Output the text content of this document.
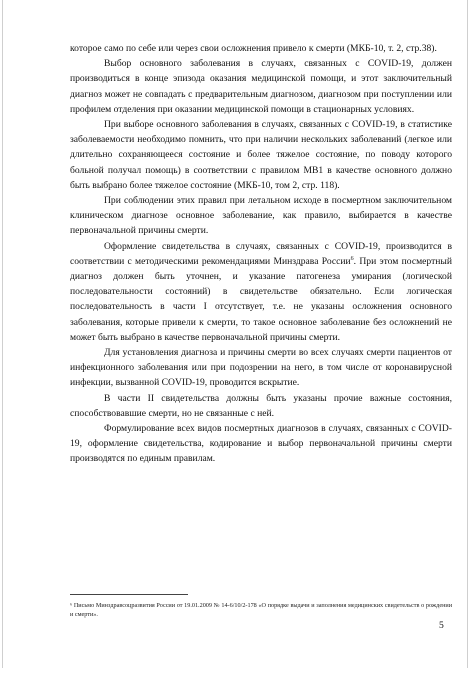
которое само по себе или через свои осложнения привело к смерти (МКБ-10, т. 2, стр.38).

Выбор основного заболевания в случаях, связанных с COVID-19, должен производиться в конце эпизода оказания медицинской помощи, и этот заключительный диагноз может не совпадать с предварительным диагнозом, диагнозом при поступлении или профилем отделения при оказании медицинской помощи в стационарных условиях.

При выборе основного заболевания в случаях, связанных с COVID-19, в статистике заболеваемости необходимо помнить, что при наличии нескольких заболеваний (легкое или длительно сохраняющееся состояние и более тяжелое состояние, по поводу которого больной получал помощь) в соответствии с правилом MB1 в качестве основного должно быть выбрано более тяжелое состояние (МКБ-10, том 2, стр. 118).

При соблюдении этих правил при летальном исходе в посмертном заключительном клиническом диагнозе основное заболевание, как правило, выбирается в качестве первоначальной причины смерти.

Оформление свидетельства в случаях, связанных с COVID-19, производится в соответствии с методическими рекомендациями Минздрава России$^6$. При этом посмертный диагноз должен быть уточнен, и указание патогенеза умирания (логической последовательности состояний) в свидетельстве обязательно. Если логическая последовательность в части I отсутствует, т.е. не указаны осложнения основного заболевания, которые привели к смерти, то такое основное заболевание без осложнений не может быть выбрано в качестве первоначальной причины смерти.

Для установления диагноза и причины смерти во всех случаях смерти пациентов от инфекционного заболевания или при подозрении на него, в том числе от коронавирусной инфекции, вызванной COVID-19, проводится вскрытие.

В части II свидетельства должны быть указаны прочие важные состояния, способствовавшие смерти, но не связанные с ней.

Формулирование всех видов посмертных диагнозов в случаях, связанных с COVID-19, оформление свидетельства, кодирование и выбор первоначальной причины смерти производятся по единым правилам.

⁶ Письмо Минздравсоцразвития России от 19.01.2009 № 14-6/10/2-178 «О порядке выдачи и заполнения медицинских свидетельств о рождении и смерти».
5
